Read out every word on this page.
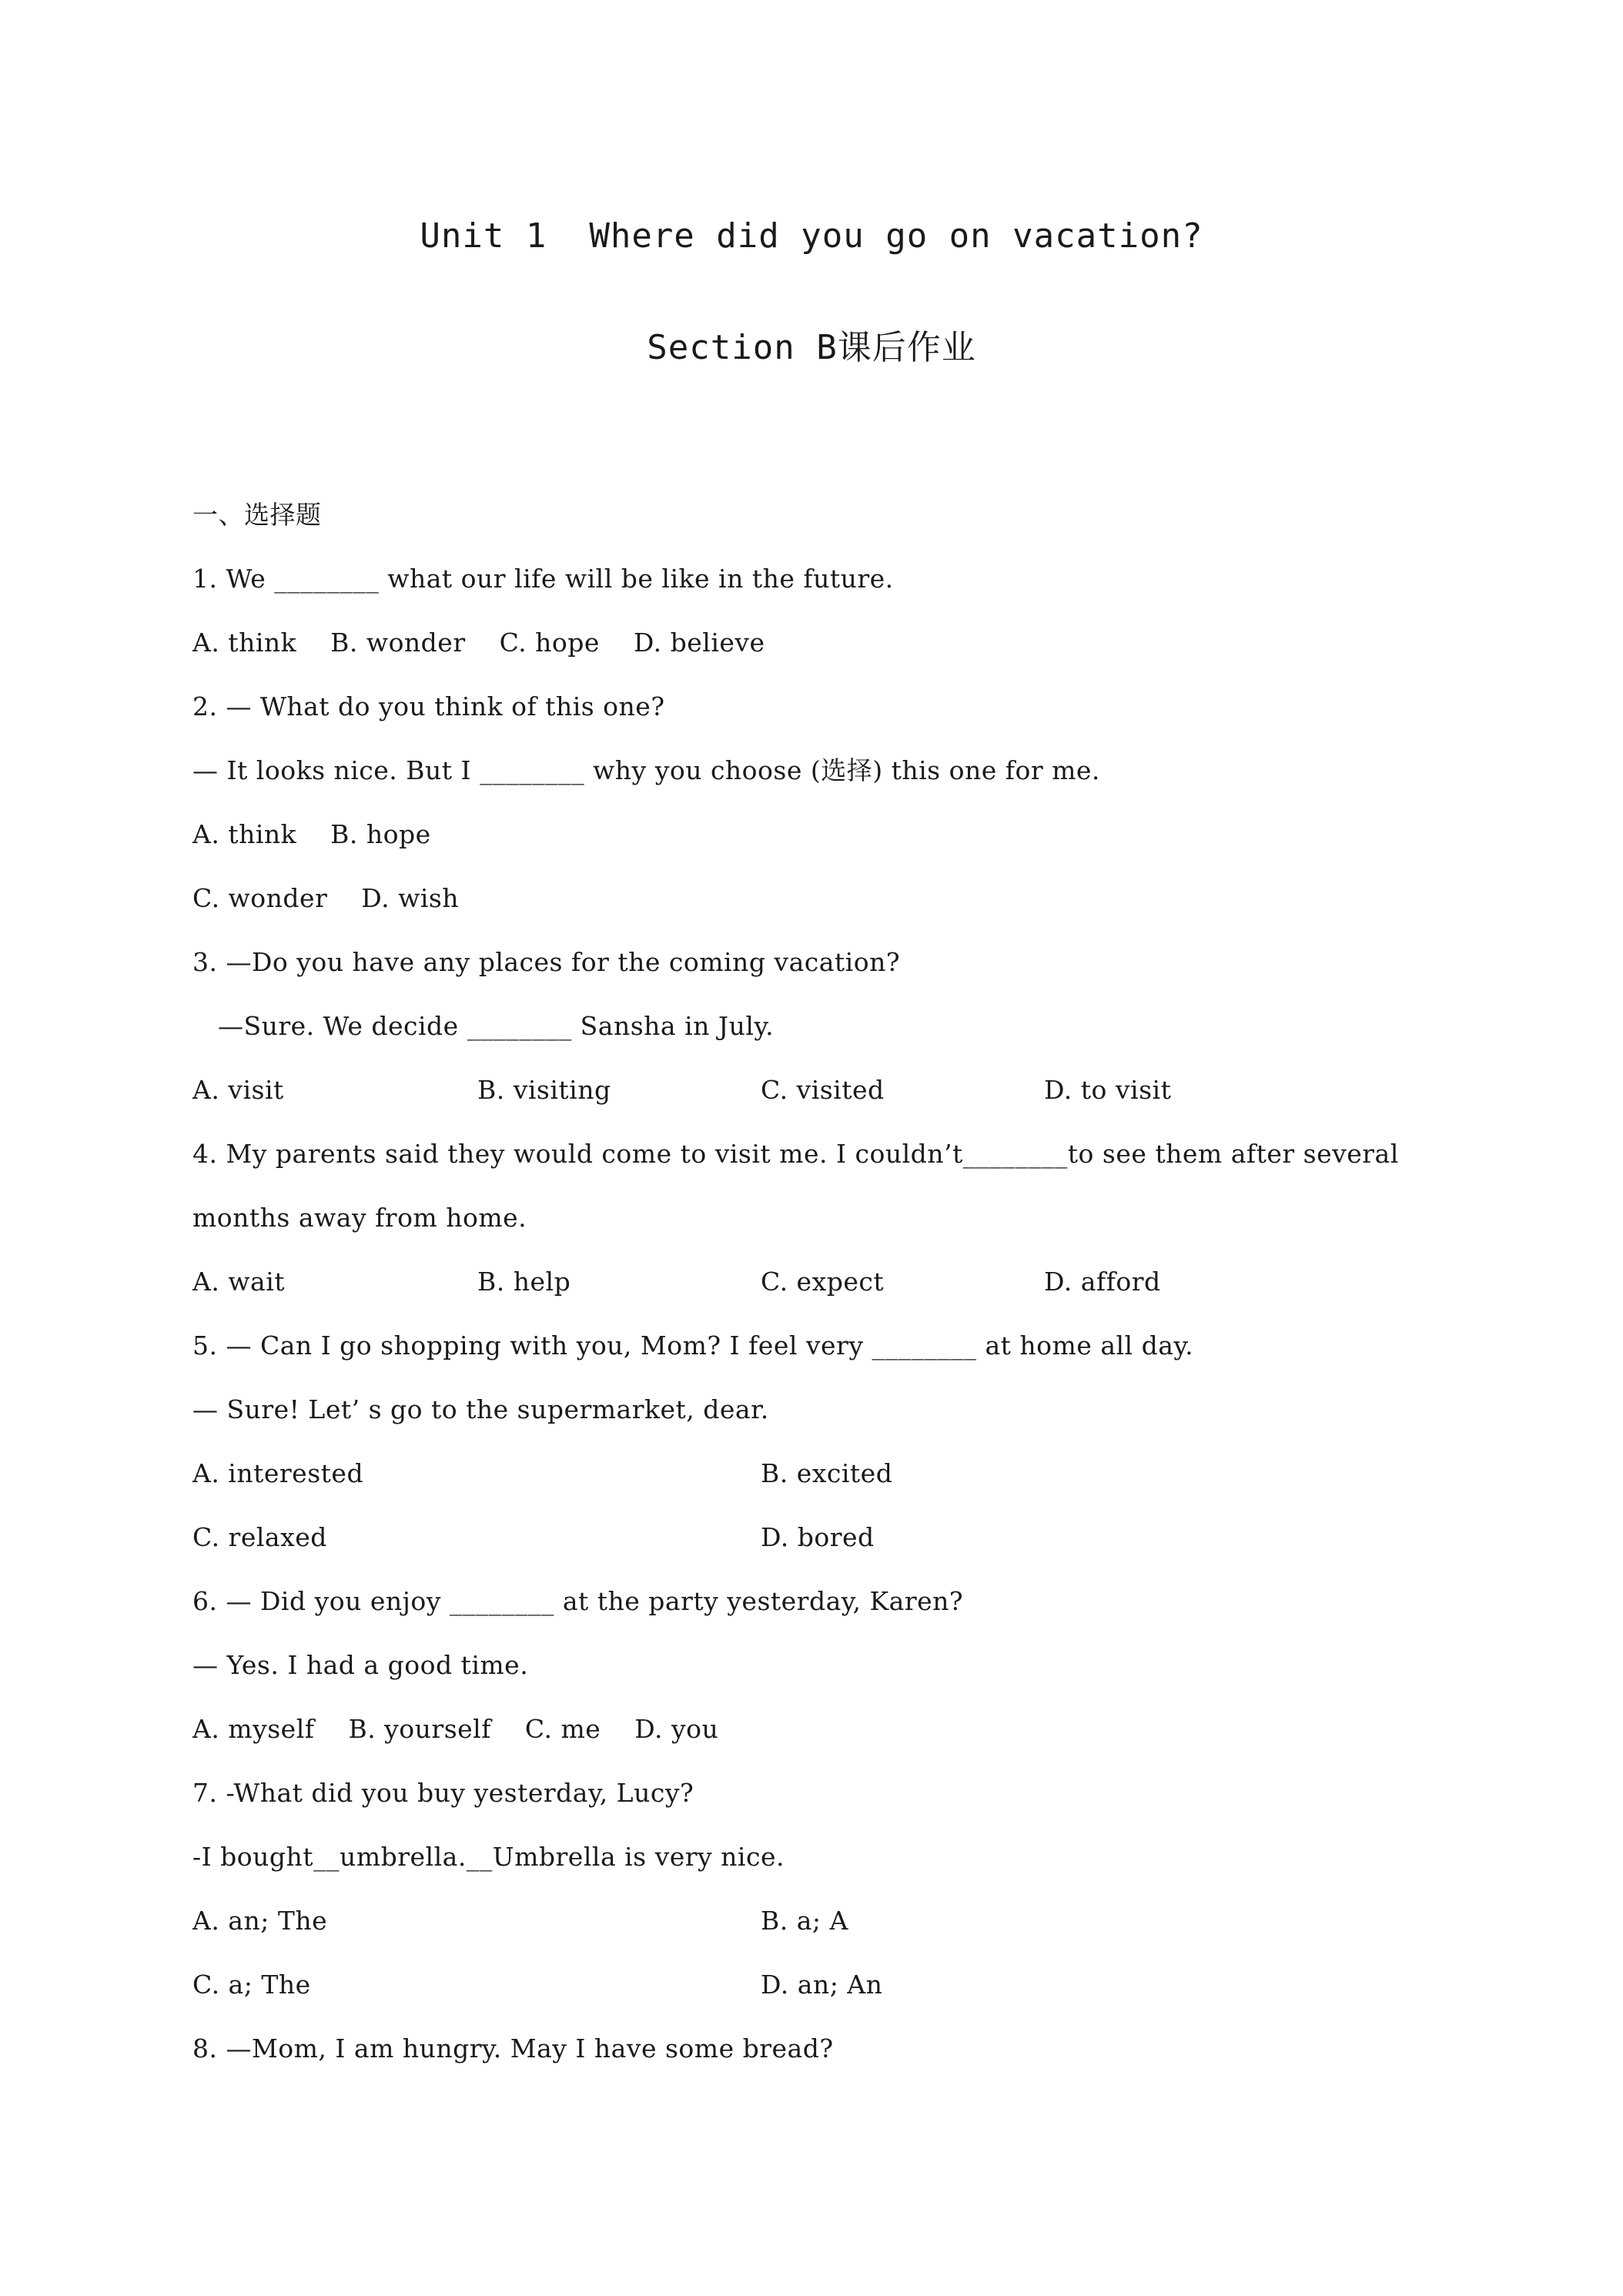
Unit 1  Where did you go on vacation?
Section B课后作业
一、选择题
1. We ________ what our life will be like in the future.
A. think    B. wonder    C. hope    D. believe
2. — What do you think of this one?
— It looks nice. But I ________ why you choose (选择) this one for me.
A. think    B. hope
C. wonder    D. wish
3. —Do you have any places for the coming vacation?
—Sure. We decide ________ Sansha in July.
A. visit	B. visiting	C. visited	D. to visit
4. My parents said they would come to visit me. I couldn’t________to see them after several
months away from home.
A. wait	B. help	C. expect	D. afford
5. — Can I go shopping with you, Mom? I feel very ________ at home all day.
— Sure! Let’ s go to the supermarket, dear.
A. interested	B. excited
C. relaxed	D. bored
6. — Did you enjoy ________ at the party yesterday, Karen?
— Yes. I had a good time.
A. myself    B. yourself    C. me    D. you
7. -What did you buy yesterday, Lucy?
-I bought__umbrella.__Umbrella is very nice.
A. an; The	B. a; A
C. a; The	D. an; An
8. —Mom, I am hungry. May I have some bread?
